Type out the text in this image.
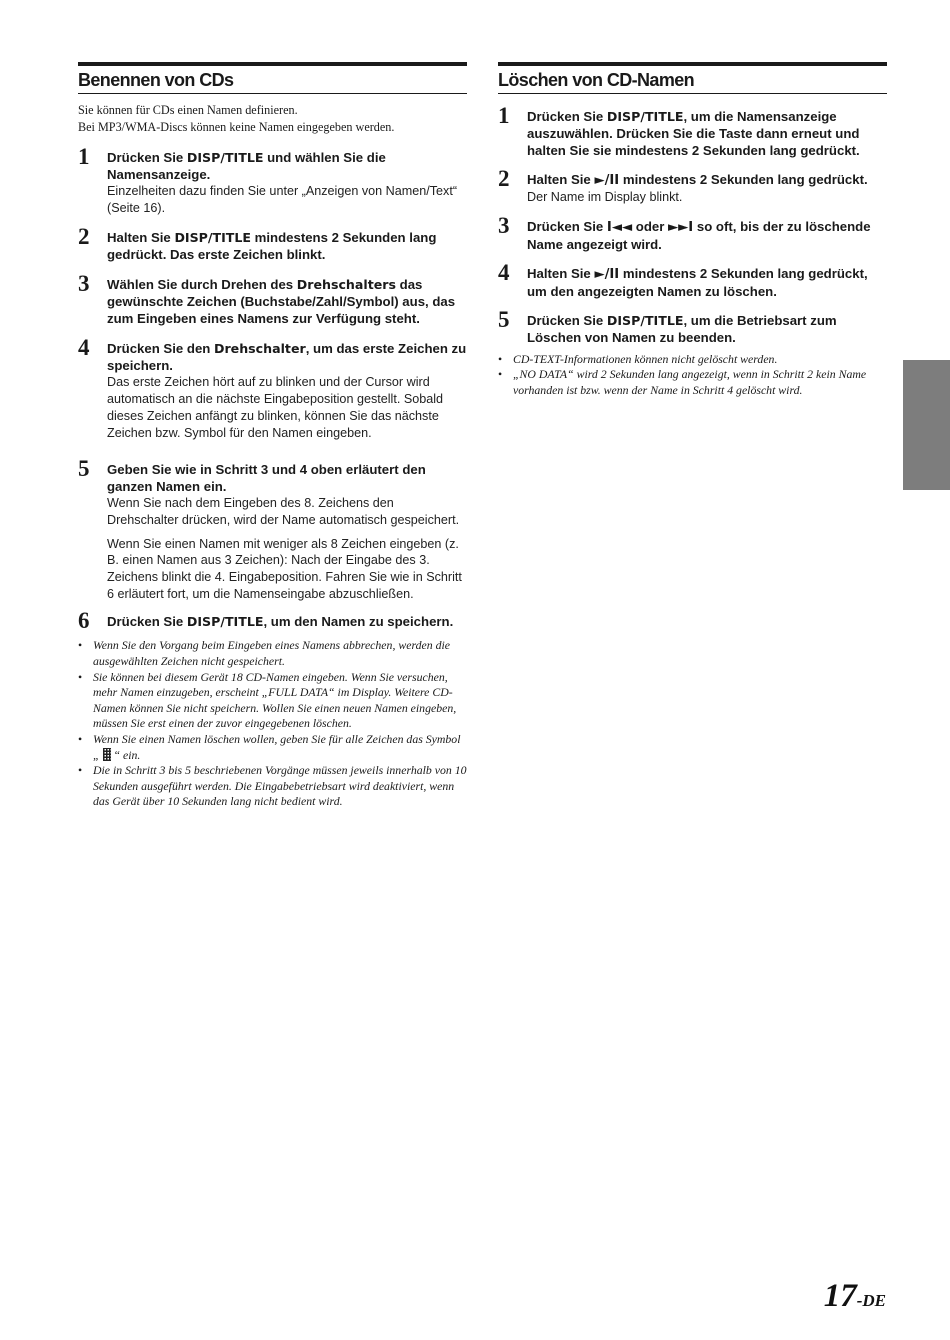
Benennen von CDs
Sie können für CDs einen Namen definieren.
Bei MP3/WMA-Discs können keine Namen eingegeben werden.
1 Drücken Sie DISP/TITLE und wählen Sie die Namensanzeige.
Einzelheiten dazu finden Sie unter „Anzeigen von Namen/Text“ (Seite 16).
2 Halten Sie DISP/TITLE mindestens 2 Sekunden lang gedrückt. Das erste Zeichen blinkt.
3 Wählen Sie durch Drehen des Drehschalters das gewünschte Zeichen (Buchstabe/Zahl/Symbol) aus, das zum Eingeben eines Namens zur Verfügung steht.
4 Drücken Sie den Drehschalter, um das erste Zeichen zu speichern.
Das erste Zeichen hört auf zu blinken und der Cursor wird automatisch an die nächste Eingabeposition gestellt. Sobald dieses Zeichen anfängt zu blinken, können Sie das nächste Zeichen bzw. Symbol für den Namen eingeben.
5 Geben Sie wie in Schritt 3 und 4 oben erläutert den ganzen Namen ein.
Wenn Sie nach dem Eingeben des 8. Zeichens den Drehschalter drücken, wird der Name automatisch gespeichert.
Wenn Sie einen Namen mit weniger als 8 Zeichen eingeben (z. B. einen Namen aus 3 Zeichen): Nach der Eingabe des 3. Zeichens blinkt die 4. Eingabeposition. Fahren Sie wie in Schritt 6 erläutert fort, um die Namenseingabe abzuschließen.
6 Drücken Sie DISP/TITLE, um den Namen zu speichern.
• Wenn Sie den Vorgang beim Eingeben eines Namens abbrechen, werden die ausgewählten Zeichen nicht gespeichert.
• Sie können bei diesem Gerät 18 CD-Namen eingeben. Wenn Sie versuchen, mehr Namen einzugeben, erscheint „FULL DATA“ im Display. Weitere CD-Namen können Sie nicht speichern. Wollen Sie einen neuen Namen eingeben, müssen Sie erst einen der zuvor eingegebenen löschen.
• Wenn Sie einen Namen löschen wollen, geben Sie für alle Zeichen das Symbol „  “ ein.
• Die in Schritt 3 bis 5 beschriebenen Vorgänge müssen jeweils innerhalb von 10 Sekunden ausgeführt werden. Die Eingabebetriebsart wird deaktiviert, wenn das Gerät über 10 Sekunden lang nicht bedient wird.
Löschen von CD-Namen
1 Drücken Sie DISP/TITLE, um die Namensanzeige auszuwählen. Drücken Sie die Taste dann erneut und halten Sie sie mindestens 2 Sekunden lang gedrückt.
2 Halten Sie ►/II mindestens 2 Sekunden lang gedrückt.
Der Name im Display blinkt.
3 Drücken Sie I◄◄ oder ►►I so oft, bis der zu löschende Name angezeigt wird.
4 Halten Sie ►/II mindestens 2 Sekunden lang gedrückt, um den angezeigten Namen zu löschen.
5 Drücken Sie DISP/TITLE, um die Betriebsart zum Löschen von Namen zu beenden.
• CD-TEXT-Informationen können nicht gelöscht werden.
• „NO DATA“ wird 2 Sekunden lang angezeigt, wenn in Schritt 2 kein Name vorhanden ist bzw. wenn der Name in Schritt 4 gelöscht wird.
17-DE
